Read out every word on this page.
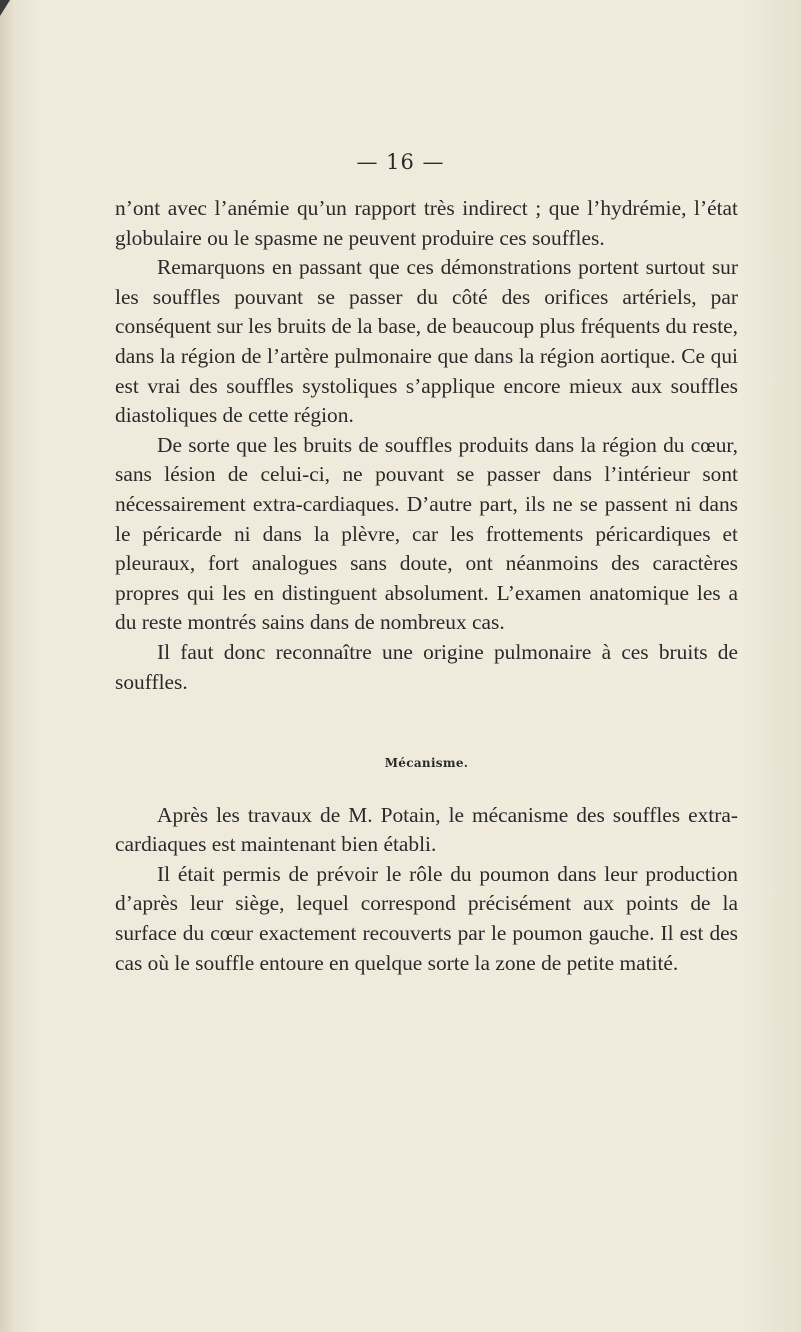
— 16 —

n’ont avec l’anémie qu’un rapport très indirect ; que l’hydrémie, l’état globulaire ou le spasme ne peuvent produire ces souffles.

Remarquons en passant que ces démonstrations portent surtout sur les souffles pouvant se passer du côté des orifices artériels, par conséquent sur les bruits de la base, de beaucoup plus fréquents du reste, dans la région de l’artère pulmonaire que dans la région aortique. Ce qui est vrai des souffles systoliques s’applique encore mieux aux souffles diastoliques de cette région.

De sorte que les bruits de souffles produits dans la région du cœur, sans lésion de celui-ci, ne pouvant se passer dans l’intérieur sont nécessairement extra-cardiaques. D’autre part, ils ne se passent ni dans le péricarde ni dans la plèvre, car les frottements péricardiques et pleuraux, fort analogues sans doute, ont néanmoins des caractères propres qui les en distinguent absolument. L’examen anatomique les a du reste montrés sains dans de nombreux cas.

Il faut donc reconnaître une origine pulmonaire à ces bruits de souffles.

Mécanisme.

Après les travaux de M. Potain, le mécanisme des souffles extra-cardiaques est maintenant bien établi.

Il était permis de prévoir le rôle du poumon dans leur production d’après leur siège, lequel correspond précisément aux points de la surface du cœur exactement recouverts par le poumon gauche. Il est des cas où le souffle entoure en quelque sorte la zone de petite matité.
